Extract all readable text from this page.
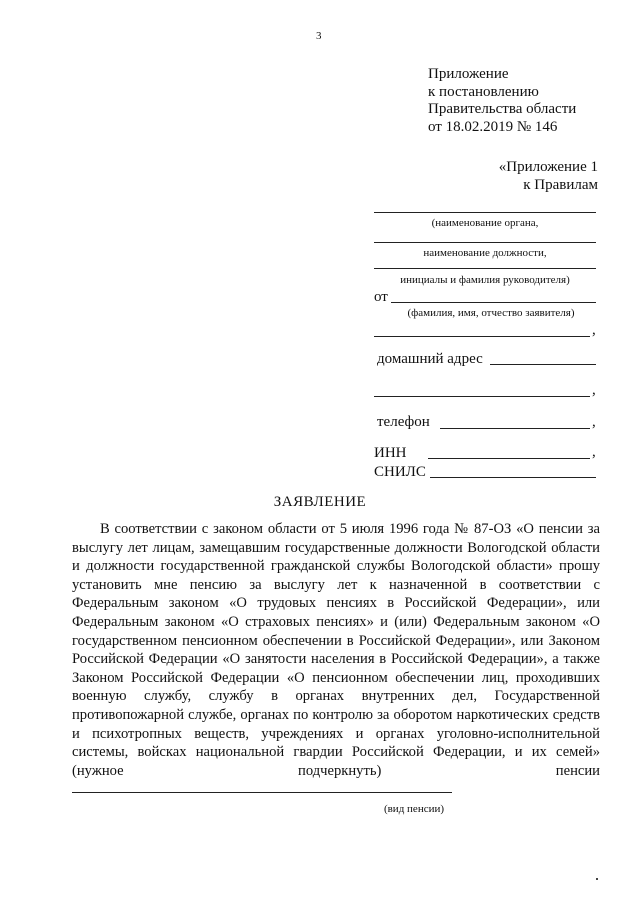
3
Приложение
к постановлению
Правительства области
от 18.02.2019 № 146
«Приложение 1
к Правилам
(наименование органа,
наименование должности,
инициалы и фамилия руководителя)
от
(фамилия, имя, отчество заявителя)
,
домашний адрес
,
телефон	,
ИНН	,
СНИЛС
ЗАЯВЛЕНИЕ
В соответствии с законом области от 5 июля 1996 года № 87-ОЗ «О пенсии за выслугу лет лицам, замещавшим государственные должности Вологодской области и должности государственной гражданской службы Вологодской области» прошу установить мне пенсию за выслугу лет к назначенной в соответствии с Федеральным законом «О трудовых пенсиях в Российской Федерации», или Федеральным законом «О страховых пенсиях» и (или) Федеральным законом «О государственном пенсионном обеспечении в Российской Федерации», или Законом Российской Федерации «О занятости населения в Российской Федерации», а также Законом Российской Федерации «О пенсионном обеспечении лиц, проходивших военную службу, службу в органах внутренних дел, Государственной противопожарной службе, органах по контролю за оборотом наркотических средств и психотропных веществ, учреждениях и органах уголовно-исполнительной системы, войсках национальной гвардии Российской Федерации, и их семей» (нужное подчеркнуть) пенсии
(вид пенсии)
